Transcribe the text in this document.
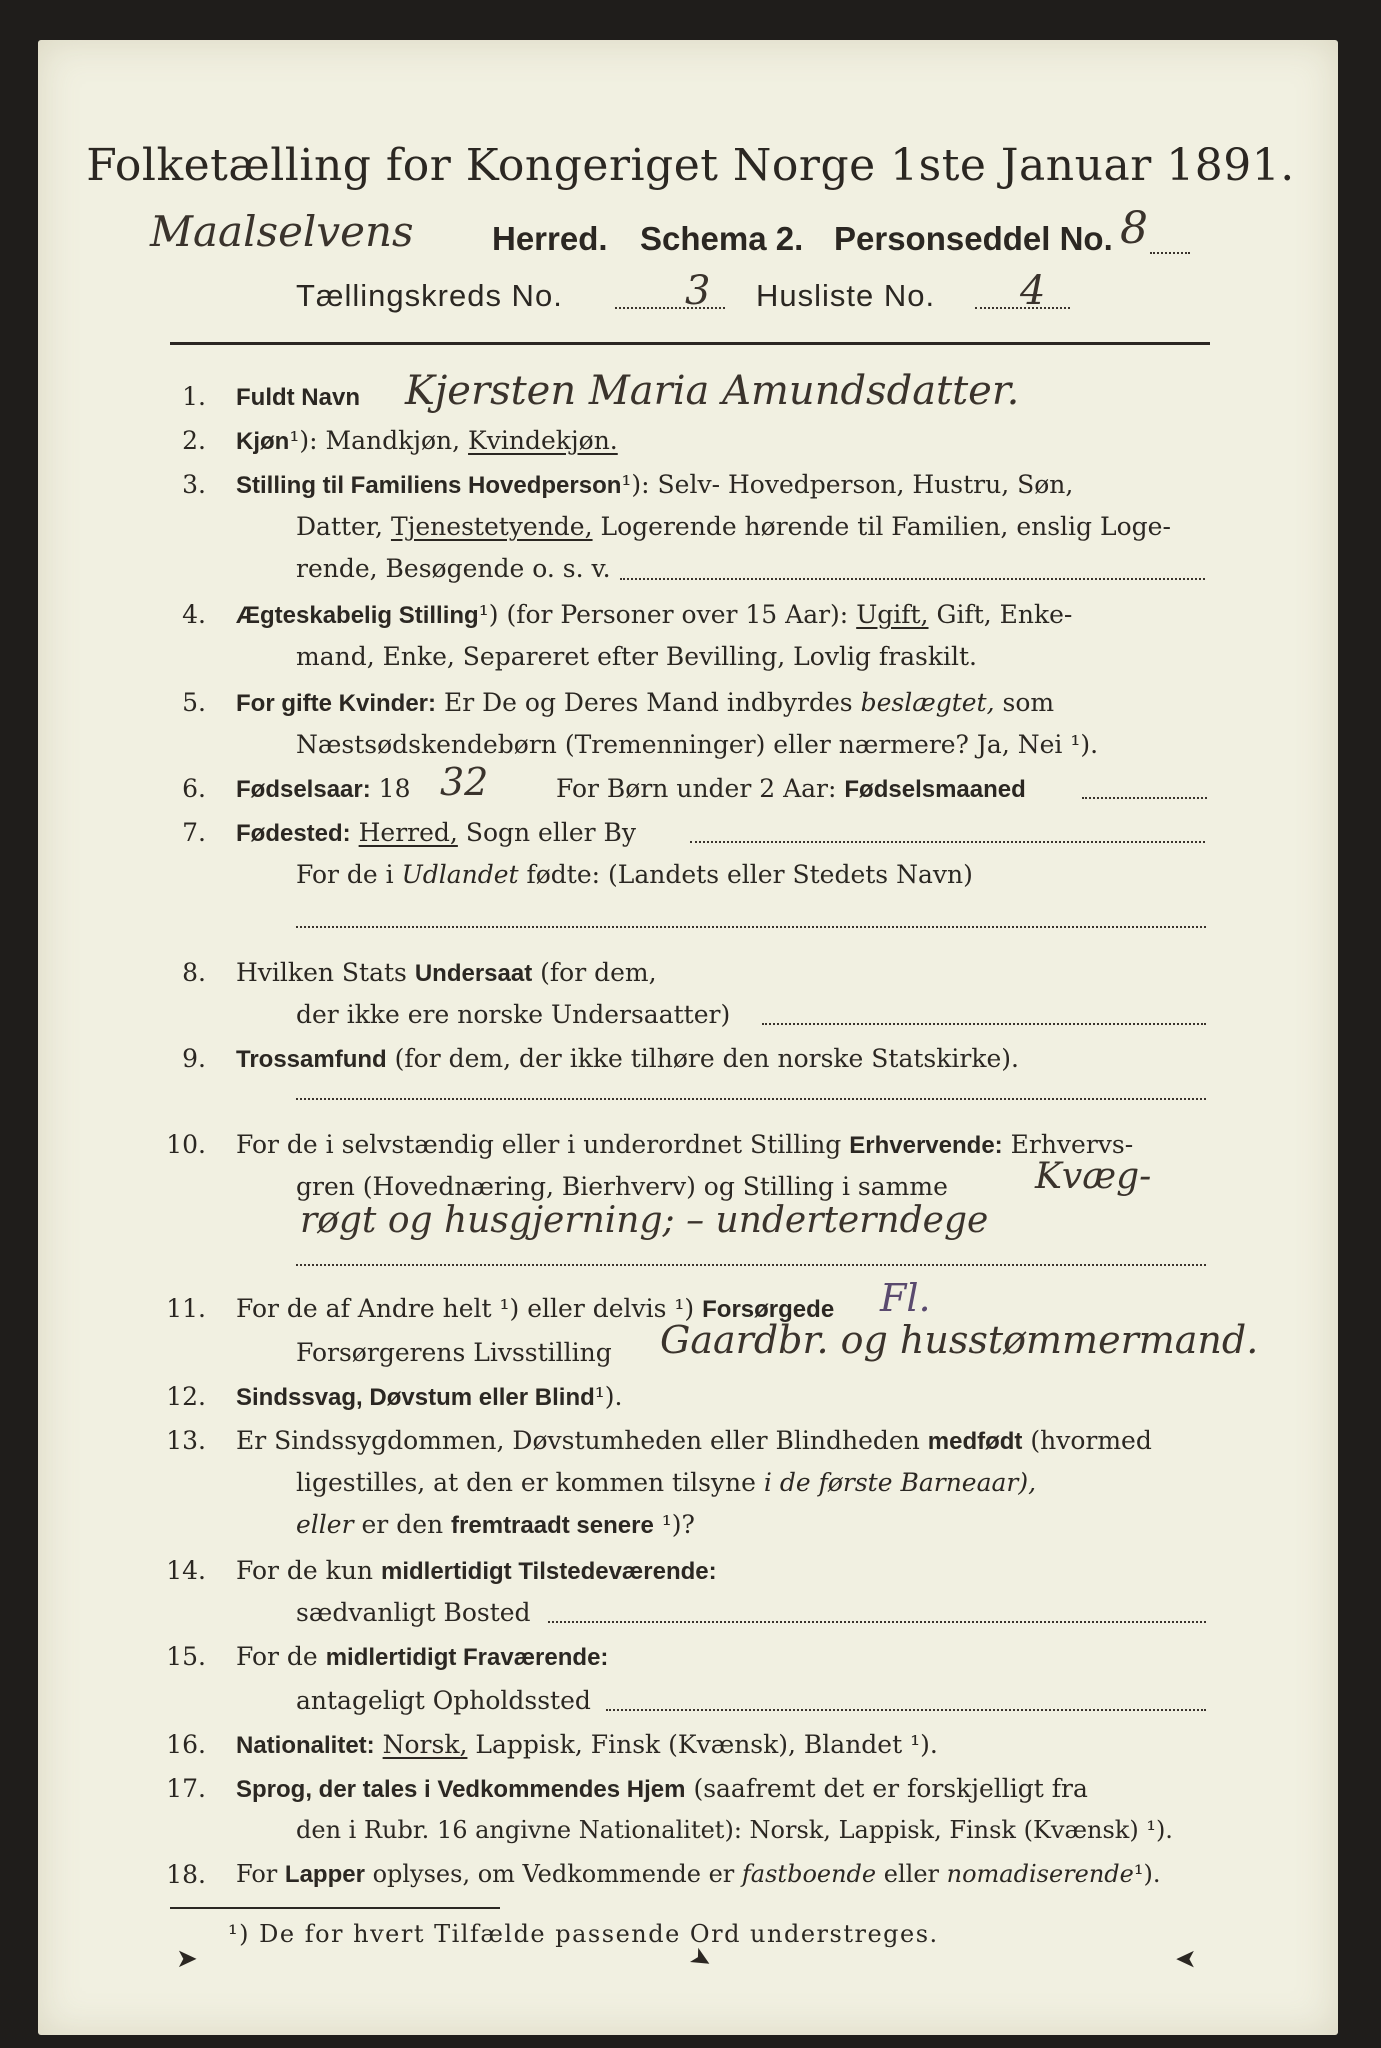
Folketælling for Kongeriget Norge 1ste Januar 1891.
Maalselvens Herred. Schema 2. Personseddel No. 8
Tællingskreds No.	3 Husliste No. 4
1. Fuldt Navn Kjersten Maria Amundsdatter.
2. Kjøn¹): Mandkjøn, Kvindekjøn.
3. Stilling til Familiens Hovedperson¹): Selv- Hovedperson, Hustru, Søn,
Datter, Tjenestetyende, Logerende hørende til Familien, enslig Loge-
rende, Besøgende o. s. v.
4. Ægteskabelig Stilling¹) (for Personer over 15 Aar): Ugift, Gift, Enke-
mand, Enke, Separeret efter Bevilling, Lovlig fraskilt.
5. For gifte Kvinder: Er De og Deres Mand indbyrdes beslægtet, som
Næstsødskendebørn (Tremenninger) eller nærmere? Ja, Nei ¹).
6. Fødselsaar: 18 32	For Børn under 2 Aar: Fødselsmaaned
7. Fødested: Herred, Sogn eller By
For de i Udlandet fødte: (Landets eller Stedets Navn)
8. Hvilken Stats Undersaat (for dem,
der ikke ere norske Undersaatter)
9. Trossamfund (for dem, der ikke tilhøre den norske Statskirke).
10. For de i selvstændig eller i underordnet Stilling Erhvervende: Erhvervs-
gren (Hovednæring, Bierhverv) og Stilling i samme Kvæg-
røgt og husgjerning; – underterndege
11. For de af Andre helt ¹) eller delvis ¹) Forsørgede Fl.
Forsørgerens Livsstilling Gaardbr. og husstømmermand.
12. Sindssvag, Døvstum eller Blind¹).
13. Er Sindssygdommen, Døvstumheden eller Blindheden medfødt (hvormed
ligestilles, at den er kommen tilsyne i de første Barneaar),
eller er den fremtraadt senere ¹)?
14. For de kun midlertidigt Tilstedeværende:
sædvanligt Bosted
15. For de midlertidigt Fraværende:
antageligt Opholdssted
16. Nationalitet: Norsk, Lappisk, Finsk (Kvænsk), Blandet ¹).
17. Sprog, der tales i Vedkommendes Hjem (saafremt det er forskjelligt fra
den i Rubr. 16 angivne Nationalitet): Norsk, Lappisk, Finsk (Kvænsk) ¹).
18. For Lapper oplyses, om Vedkommende er fastboende eller nomadiserende¹).
¹) De for hvert Tilfælde passende Ord understreges.
➤	➤	➤
